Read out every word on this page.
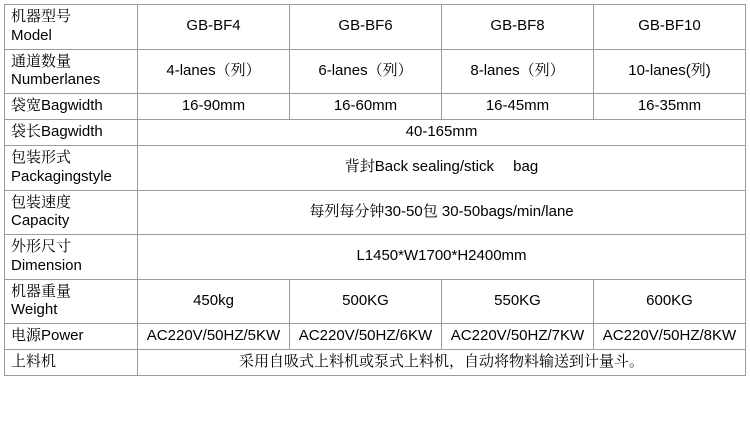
机器型号
Model	GB-BF4	GB-BF6	GB-BF8	GB-BF10

通道数量
Numberlanes	4-lanes（列）	6-lanes（列）	8-lanes（列）	10-lanes(列)

袋宽Bagwidth	16-90mm	16-60mm	16-45mm	16-35mm

袋长Bagwidth	40-165mm			

包装形式
Packagingstyle	背封Back sealing/stick 　bag			

包装速度
Capacity	每列每分钟30-50包 30-50bags/min/lane			

外形尺寸
Dimension	L1450*W1700*H2400mm			

机器重量
Weight	450kg	500KG	550KG	600KG

电源Power	AC220V/50HZ/5KW	AC220V/50HZ/6KW	AC220V/50HZ/7KW	AC220V/50HZ/8KW

上料机	采用自吸式上料机或泵式上料机，自动将物料输送到计量斗。			
